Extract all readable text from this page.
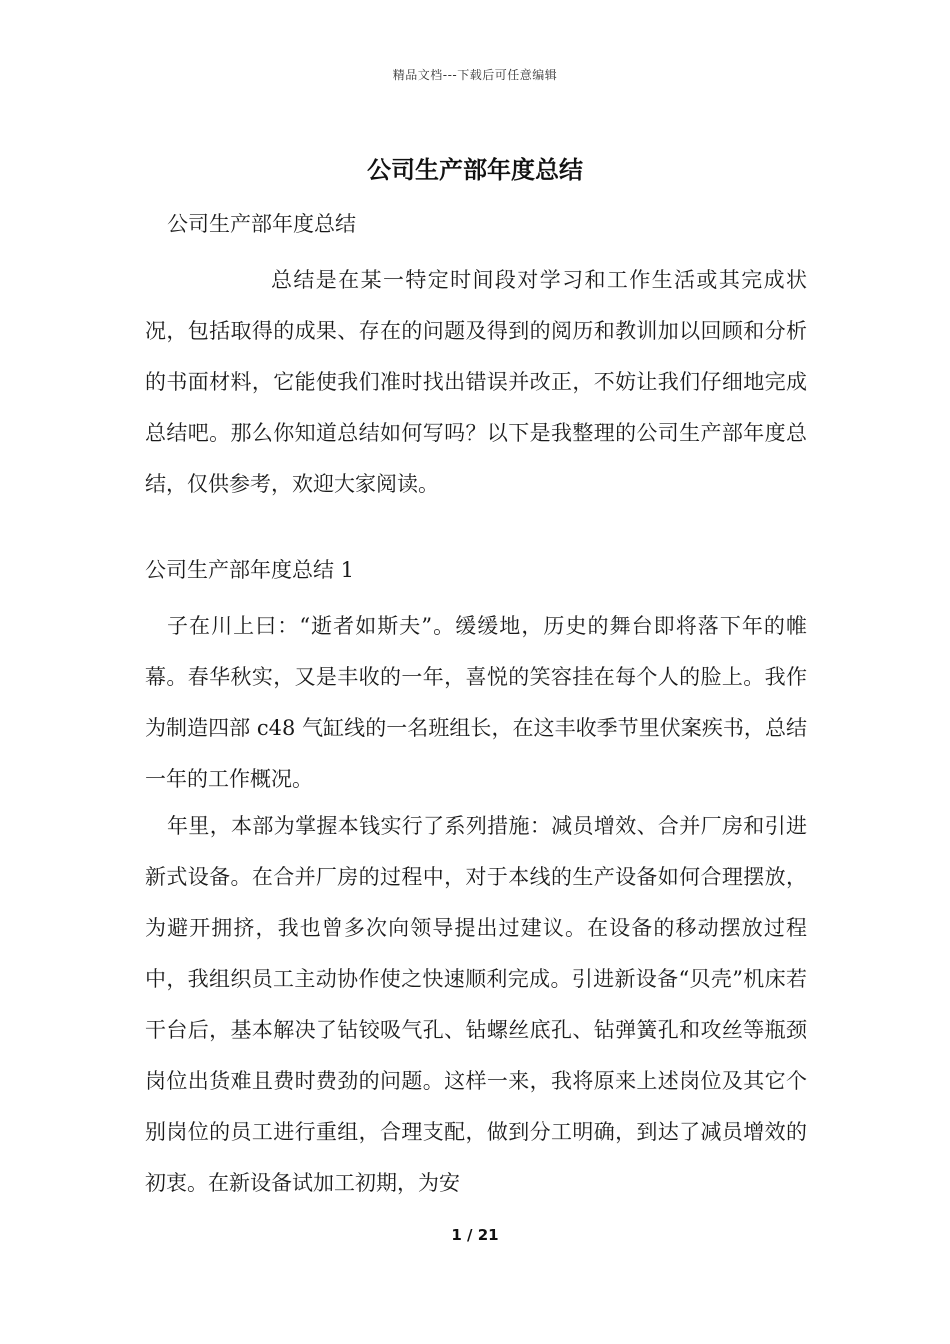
精品文档---下载后可任意编辑
公司生产部年度总结
公司生产部年度总结
总结是在某一特定时间段对学习和工作生活或其完成状况，包括取得的成果、存在的问题及得到的阅历和教训加以回顾和分析的书面材料，它能使我们准时找出错误并改正，不妨让我们仔细地完成总结吧。那么你知道总结如何写吗？以下是我整理的公司生产部年度总结，仅供参考，欢迎大家阅读。
公司生产部年度总结 1
子在川上曰：“逝者如斯夫”。缓缓地，历史的舞台即将落下年的帷幕。春华秋实，又是丰收的一年，喜悦的笑容挂在每个人的脸上。我作为制造四部 c48 气缸线的一名班组长，在这丰收季节里伏案疾书，总结一年的工作概况。
年里，本部为掌握本钱实行了系列措施：减员增效、合并厂房和引进新式设备。在合并厂房的过程中，对于本线的生产设备如何合理摆放，为避开拥挤，我也曾多次向领导提出过建议。在设备的移动摆放过程中，我组织员工主动协作使之快速顺利完成。引进新设备“贝壳”机床若干台后，基本解决了钻铰吸气孔、钻螺丝底孔、钻弹簧孔和攻丝等瓶颈岗位出货难且费时费劲的问题。这样一来，我将原来上述岗位及其它个别岗位的员工进行重组，合理支配，做到分工明确，到达了减员增效的初衷。在新设备试加工初期，为安
1 / 21
